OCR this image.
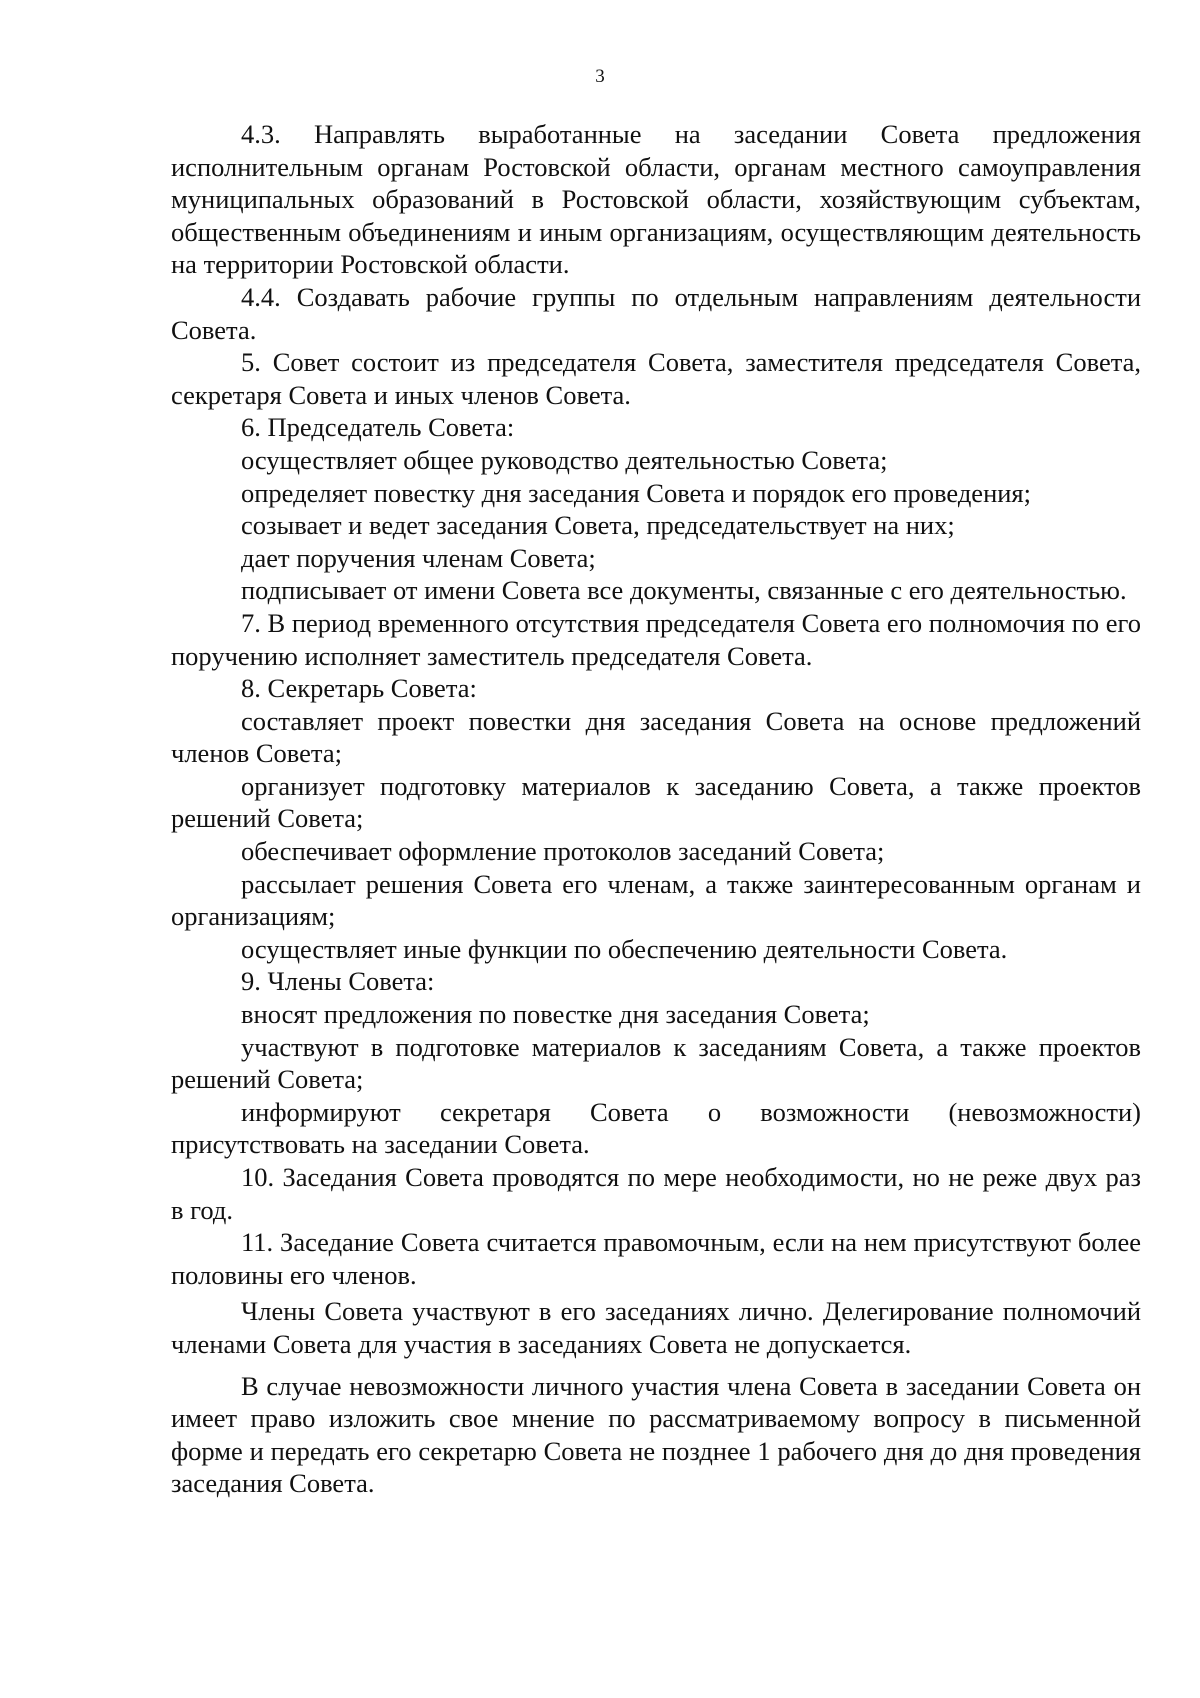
3

4.3. Направлять выработанные на заседании Совета предложения исполнительным органам Ростовской области, органам местного самоуправления муниципальных образований в Ростовской области, хозяйствующим субъектам, общественным объединениям и иным организациям, осуществляющим деятельность на территории Ростовской области.

4.4. Создавать рабочие группы по отдельным направлениям деятельности Совета.

5. Совет состоит из председателя Совета, заместителя председателя Совета, секретаря Совета и иных членов Совета.

6. Председатель Совета:

осуществляет общее руководство деятельностью Совета;

определяет повестку дня заседания Совета и порядок его проведения;

созывает и ведет заседания Совета, председательствует на них;

дает поручения членам Совета;

подписывает от имени Совета все документы, связанные с его деятельностью.

7. В период временного отсутствия председателя Совета его полномочия по его поручению исполняет заместитель председателя Совета.

8. Секретарь Совета:

составляет проект повестки дня заседания Совета на основе предложений членов Совета;

организует подготовку материалов к заседанию Совета, а также проектов решений Совета;

обеспечивает оформление протоколов заседаний Совета;

рассылает решения Совета его членам, а также заинтересованным органам и организациям;

осуществляет иные функции по обеспечению деятельности Совета.

9. Члены Совета:

вносят предложения по повестке дня заседания Совета;

участвуют в подготовке материалов к заседаниям Совета, а также проектов решений Совета;

информируют секретаря Совета о возможности (невозможности) присутствовать на заседании Совета.

10. Заседания Совета проводятся по мере необходимости, но не реже двух раз в год.

11. Заседание Совета считается правомочным, если на нем присутствуют более половины его членов.

Члены Совета участвуют в его заседаниях лично. Делегирование полномочий членами Совета для участия в заседаниях Совета не допускается.

В случае невозможности личного участия члена Совета в заседании Совета он имеет право изложить свое мнение по рассматриваемому вопросу в письменной форме и передать его секретарю Совета не позднее 1 рабочего дня до дня проведения заседания Совета.
